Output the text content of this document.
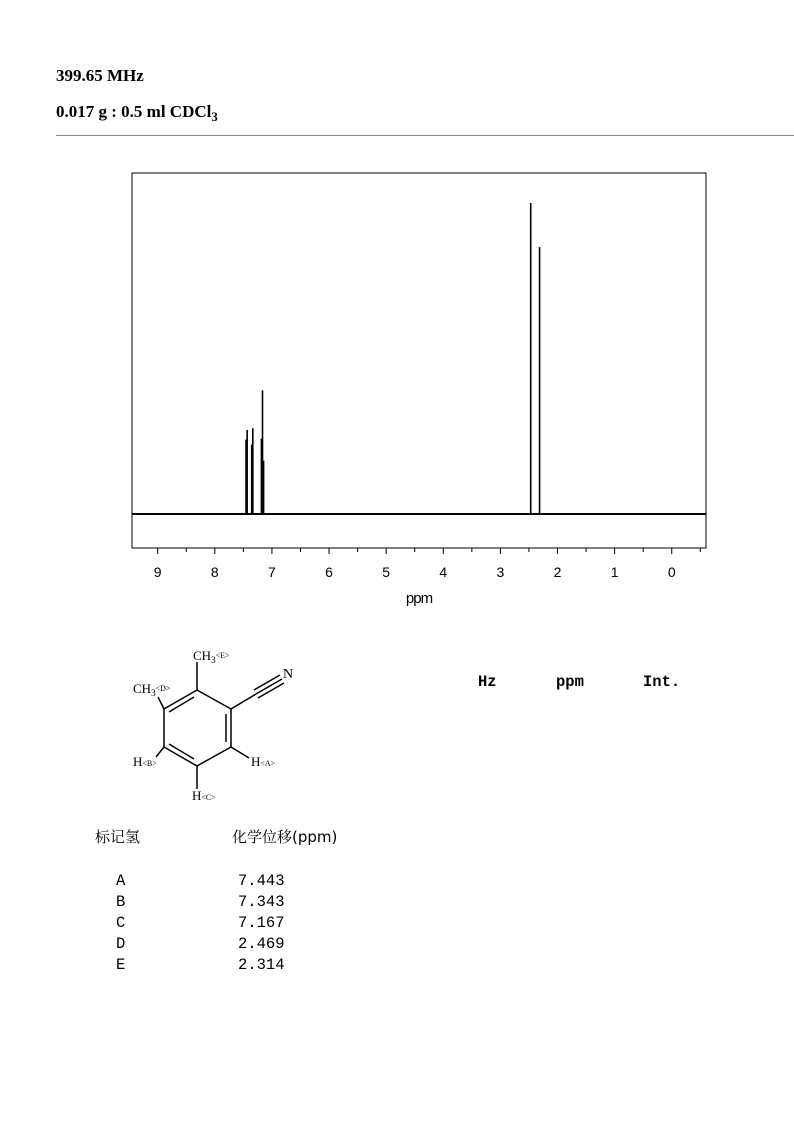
399.65 MHz
0.017 g : 0.5 ml CDCl$_3$
9	8	7	6	5	4	3	2	1	0
ppm
$CH_3^{<E>}$
$CH_3^{<D>}$
N
H<B>	H<A>
H<C>
标记氢	化学位移(ppm)
A	7.443
B	7.343
C	7.167
D	2.469
E	2.314
Hz	ppm	Int.
